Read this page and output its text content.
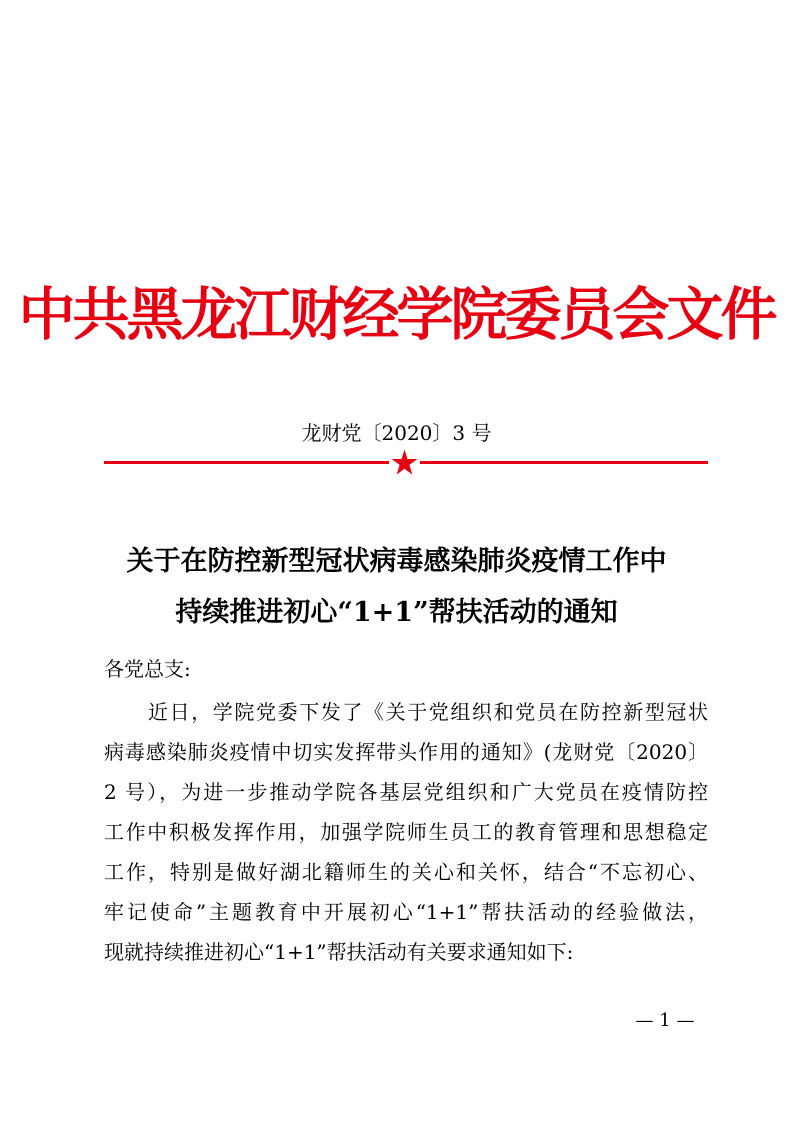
中共黑龙江财经学院委员会文件
龙财党〔2020〕3 号
关于在防控新型冠状病毒感染肺炎疫情工作中
持续推进初心“1+1”帮扶活动的通知
各党总支:
近日，学院党委下发了《关于党组织和党员在防控新型冠状
病毒感染肺炎疫情中切实发挥带头作用的通知》(龙财党〔2020〕
2 号），为进一步推动学院各基层党组织和广大党员在疫情防控
工作中积极发挥作用，加强学院师生员工的教育管理和思想稳定
工作，特别是做好湖北籍师生的关心和关怀，结合“不忘初心、
牢记使命”主题教育中开展初心“1+1”帮扶活动的经验做法，
现就持续推进初心“1+1”帮扶活动有关要求通知如下:
— 1 —
